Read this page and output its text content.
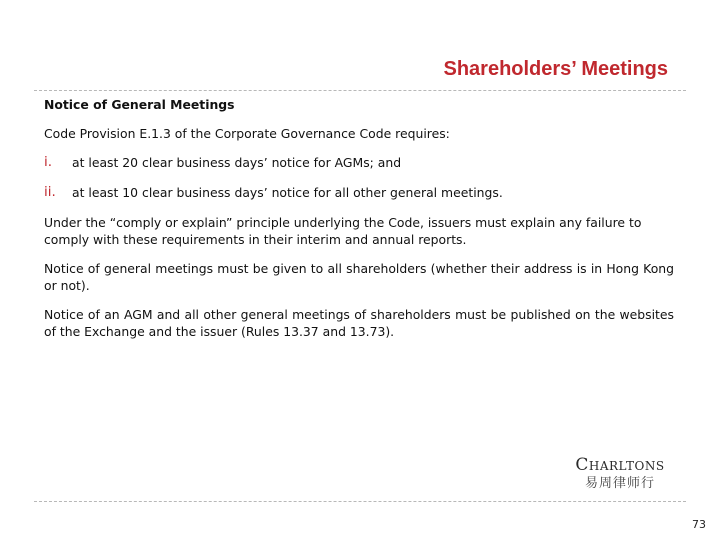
Shareholders’ Meetings

Notice of General Meetings

Code Provision E.1.3 of the Corporate Governance Code requires:

i.	at least 20 clear business days’ notice for AGMs; and
ii.	at least 10 clear business days’ notice for all other general meetings.

Under the “comply or explain” principle underlying the Code, issuers must explain any failure to comply with these requirements in their interim and annual reports.

Notice of general meetings must be given to all shareholders (whether their address is in Hong Kong or not).

Notice of an AGM and all other general meetings of shareholders must be published on the websites of the Exchange and the issuer (Rules 13.37 and 13.73).

Charltons
易周律师行
73
